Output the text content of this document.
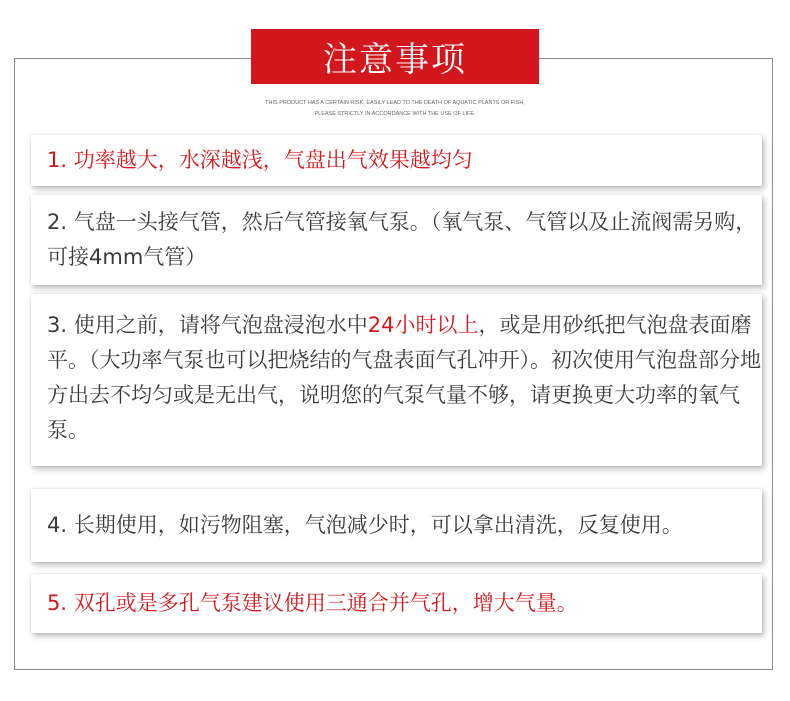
注意事项
THIS PRODUCT HAS A CERTAIN RISK, EASILY LEAD TO THE DEATH OF AQUATIC PLANTS OR FISH,
PLEASE STRICTLY IN ACCORDANCE WITH THE USE OF LIFE.
1. 功率越大，水深越浅，气盘出气效果越均匀
2. 气盘一头接气管，然后气管接氧气泵。（氧气泵、气管以及止流阀需另购，可接4mm气管）
3. 使用之前，请将气泡盘浸泡水中24小时以上，或是用砂纸把气泡盘表面磨平。（大功率气泵也可以把烧结的气盘表面气孔冲开）。初次使用气泡盘部分地方出去不均匀或是无出气，说明您的气泵气量不够，请更换更大功率的氧气泵。
4. 长期使用，如污物阻塞，气泡减少时，可以拿出清洗，反复使用。
5. 双孔或是多孔气泵建议使用三通合并气孔，增大气量。
